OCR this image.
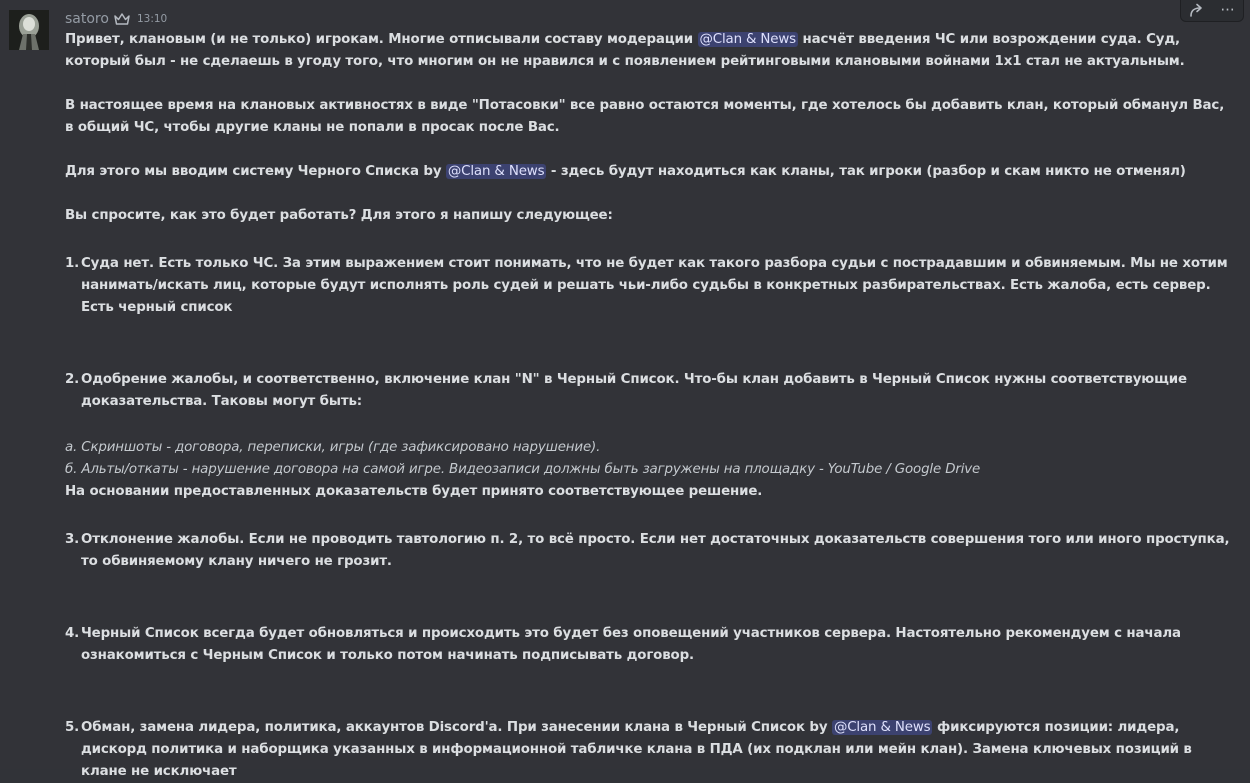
satoro	13:10	···

Привет, клановым (и не только) игрокам. Многие отписывали составу модерации @Clan & News насчёт введения ЧС или возрождении суда. Суд, который был - не сделаешь в угоду того, что многим он не нравился и с появлением рейтинговыми клановыми войнами 1х1 стал не актуальным.

В настоящее время на клановых активностях в виде "Потасовки" все равно остаются моменты, где хотелось бы добавить клан, который обманул Вас, в общий ЧС, чтобы другие кланы не попали в просак после Вас.

Для этого мы вводим систему Черного Списка by @Clan & News - здесь будут находиться как кланы, так игроки (разбор и скам никто не отменял)

Вы спросите, как это будет работать? Для этого я напишу следующее:

1. Суда нет. Есть только ЧС. За этим выражением стоит понимать, что не будет как такого разбора судьи с пострадавшим и обвиняемым. Мы не хотим нанимать/искать лиц, которые будут исполнять роль судей и решать чьи-либо судьбы в конкретных разбирательствах. Есть жалоба, есть сервер. Есть черный список
2. Одобрение жалобы, и соответственно, включение клан "N" в Черный Список. Что-бы клан добавить в Черный Список нужны соответствующие доказательства. Таковы могут быть:

а. Скриншоты - договора, переписки, игры (где зафиксировано нарушение).

б. Альты/откаты - нарушение договора на самой игре. Видеозаписи должны быть загружены на площадку - YouTube / Google Drive

На основании предоставленных доказательств будет принято соответствующее решение.

3. Отклонение жалобы. Если не проводить тавтологию п. 2, то всё просто. Если нет достаточных доказательств совершения того или иного проступка, то обвиняемому клану ничего не грозит.
4. Черный Список всегда будет обновляться и происходить это будет без оповещений участников сервера. Настоятельно рекомендуем с начала ознакомиться с Черным Список и только потом начинать подписывать договор.
5. Обман, замена лидера, политика, аккаунтов Discord'а. При занесении клана в Черный Список by @Clan & News фиксируются позиции: лидера, дискорд политика и наборщика указанных в информационной табличке клана в ПДА (их подклан или мейн клан). Замена ключевых позиций в клане не исключает
